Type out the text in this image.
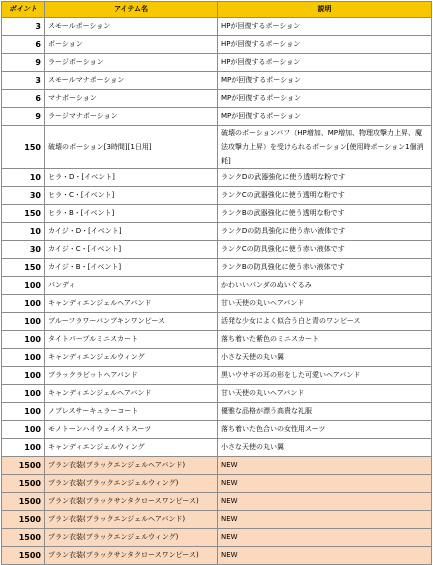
ポイント	アイテム名	説明
3	スモールポーション	HPが回復するポーション
6	ポーション	HPが回復するポーション
9	ラージポーション	HPが回復するポーション
3	スモールマナポーション	MPが回復するポーション
6	マナポーション	MPが回復するポーション
9	ラージマナポーション	MPが回復するポーション
150	破壊のポーション[3時間][1日用]	破壊のポーションバフ（HP増加、MP増加、物理攻撃力上昇、魔法攻撃力上昇）を受けられるポーション[使用時ポーション1個消耗]
10	ヒラ・D・[イベント]	ランクDの武器強化に使う透明な粉です
30	ヒラ・C・[イベント]	ランクCの武器強化に使う透明な粉です
150	ヒラ・B・[イベント]	ランクBの武器強化に使う透明な粉です
10	カイジ・D・[イベント]	ランクDの防具強化に使う赤い液体です
30	カイジ・C・[イベント]	ランクCの防具強化に使う赤い液体です
150	カイジ・B・[イベント]	ランクBの防具強化に使う赤い液体です
100	パンディ	かわいいパンダのぬいぐるみ
100	キャンディエンジェルヘアバンド	甘い天使の丸いヘアバンド
100	ブルーフラワーバンブキンワンピース	活発な少女によく似合う白と青のワンピース
100	タイトパープルミニスカート	落ち着いた紫色のミニスカート
100	キャンディエンジェルウィング	小さな天使の丸い翼
100	ブラックラビットヘアバンド	黒いウサギの耳の形をした可愛いヘアバンド
100	キャンディエンジェルヘアバンド	甘い天使の丸いヘアバンド
100	ノブレスサーキュラーコート	優雅な品格が漂う高貴な礼服
100	モノトーンハイウェイストスーツ	落ち着いた色合いの女性用スーツ
100	キャンディエンジェルウィング	小さな天使の丸い翼
1500	プラン衣装(ブラックエンジェルヘアバンド)	NEW
1500	プラン衣装(ブラックエンジェルウィング)	NEW
1500	プラン衣装(ブラックサンタクロースワンピース)	NEW
1500	プラン衣装(ブラックエンジェルヘアバンド)	NEW
1500	プラン衣装(ブラックエンジェルウィング)	NEW
1500	プラン衣装(ブラックサンタクロースワンピース)	NEW
